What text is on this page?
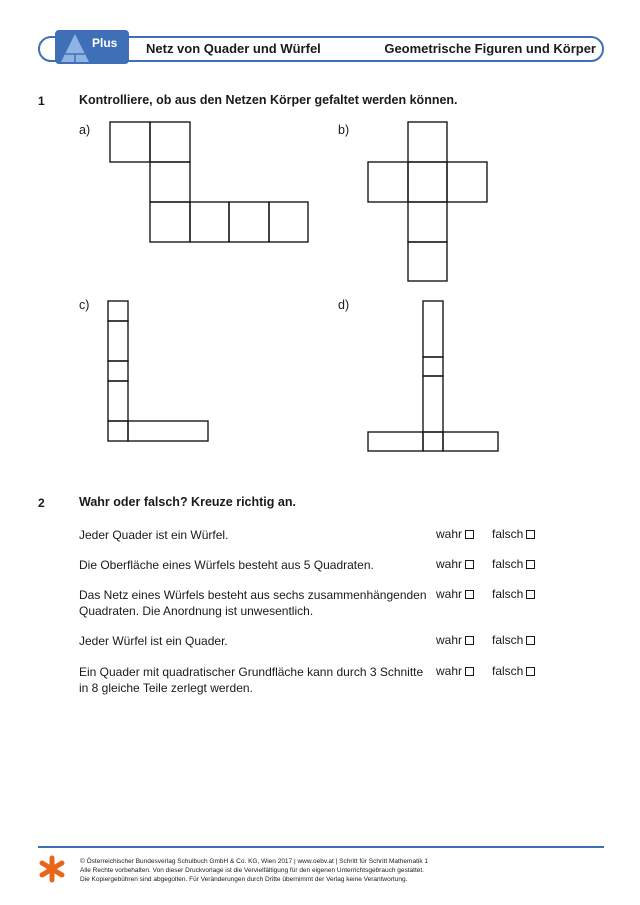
Plus Netz von Quader und Würfel	Geometrische Figuren und Körper
1	Kontrolliere, ob aus den Netzen Körper gefaltet werden können.
a)	b)
c)	d)
2	Wahr oder falsch? Kreuze richtig an.
Jeder Quader ist ein Würfel.	wahr falsch
Die Oberfläche eines Würfels besteht aus 5 Quadraten.	wahr falsch
Das Netz eines Würfels besteht aus sechs zusammenhängenden
Quadraten. Die Anordnung ist unwesentlich.
wahr falsch
Jeder Würfel ist ein Quader.	wahr falsch
Ein Quader mit quadratischer Grundfläche kann durch 3 Schnitte
in 8 gleiche Teile zerlegt werden.
wahr falsch
© Österreichischer Bundesverlag Schulbuch GmbH & Co. KG, Wien 2017 | www.oebv.at | Schritt für Schritt Mathematik 1
Alle Rechte vorbehalten. Von dieser Druckvorlage ist die Vervielfältigung für den eigenen Unterrichtsgebrauch gestattet.
Die Kopiergebühren sind abgegolten. Für Veränderungen durch Dritte übernimmt der Verlag keine Verantwortung.
